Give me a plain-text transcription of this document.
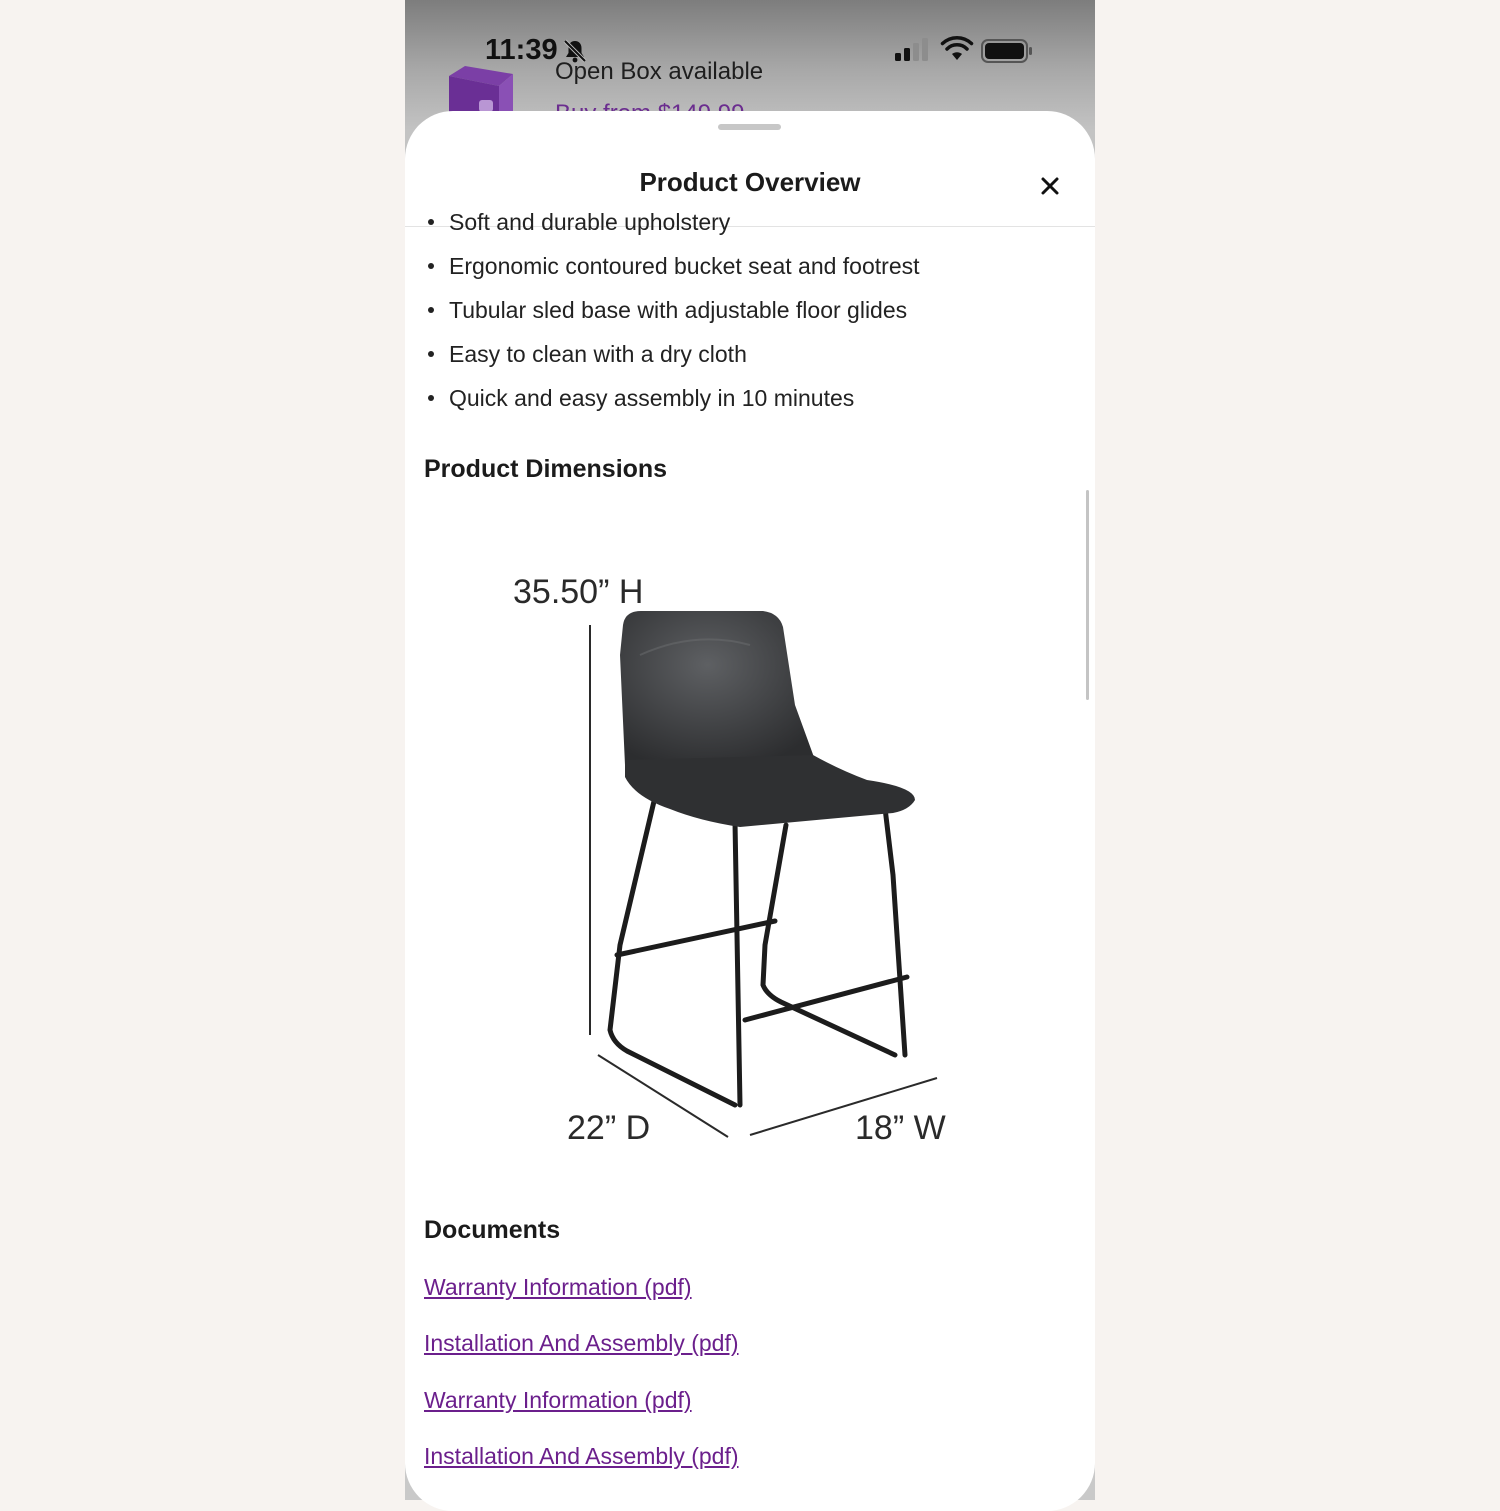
11:39
Open Box available
Product Overview
Soft and durable upholstery
Ergonomic contoured bucket seat and footrest
Tubular sled base with adjustable floor glides
Easy to clean with a dry cloth
Quick and easy assembly in 10 minutes
Product Dimensions
35.50” H
22” D	18” W
Documents
Warranty Information (pdf)
Installation And Assembly (pdf)
Warranty Information (pdf)
Installation And Assembly (pdf)
